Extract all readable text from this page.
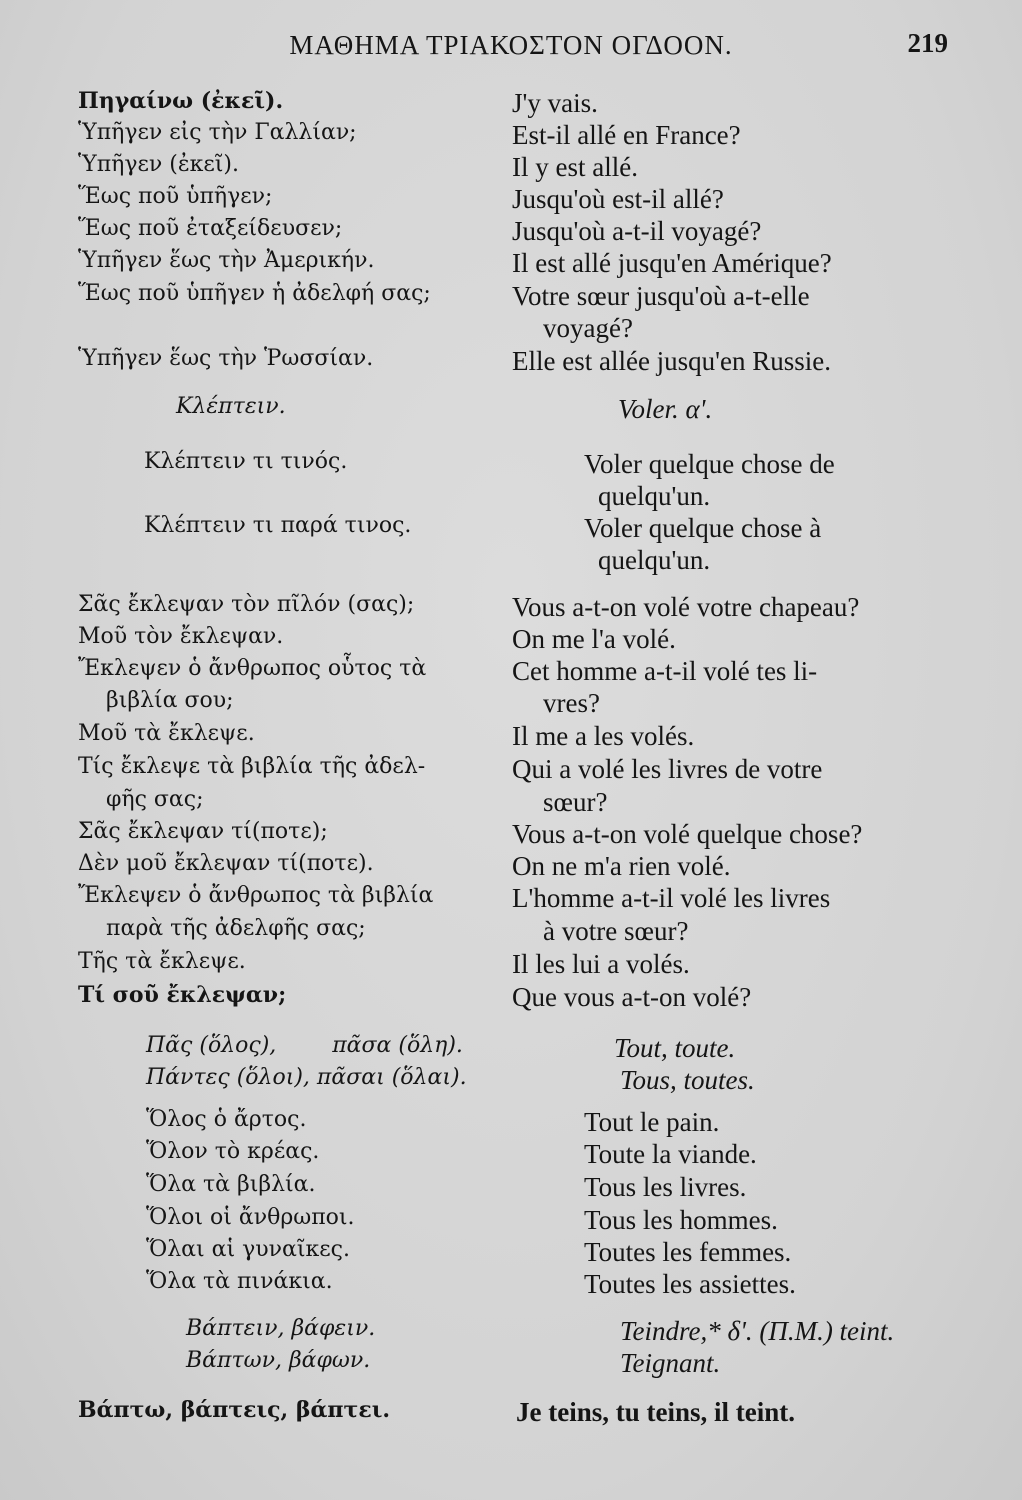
ΜΑΘΗΜΑ ΤΡΙΑΚΟΣΤΟΝ ΟΓΔΟΟΝ.	219
Πηγαίνω (ἐκεῖ).	J'y vais.
Ὑπῆγεν εἰς τὴν Γαλλίαν;	Est-il allé en France?
Ὑπῆγεν (ἐκεῖ).	Il y est allé.
Ἕως ποῦ ὑπῆγεν;	Jusqu'où est-il allé?
Ἕως ποῦ ἐταξείδευσεν;	Jusqu'où a-t-il voyagé?
Ὑπῆγεν ἕως τὴν Ἀμερικήν.	Il est allé jusqu'en Amérique?
Ἕως ποῦ ὑπῆγεν ἡ ἀδελφή σας;	Votre sœur jusqu'où a-t-elle
voyagé?
Ὑπῆγεν ἕως τὴν Ῥωσσίαν.	Elle est allée jusqu'en Russie.
Κλέπτειν.	Voler. α'.
Κλέπτειν τι τινός.	Voler quelque chose de
quelqu'un.
Κλέπτειν τι παρά τινος.	Voler quelque chose à
quelqu'un.
Σᾶς ἔκλεψαν τὸν πῖλόν (σας);	Vous a-t-on volé votre chapeau?
Μοῦ τὸν ἔκλεψαν.	On me l'a volé.
Ἔκλεψεν ὁ ἄνθρωπος οὗτος τὰ	Cet homme a-t-il volé tes li-
βιβλία σου;	vres?
Μοῦ τὰ ἔκλεψε.	Il me a les volés.
Τίς ἔκλεψε τὰ βιβλία τῆς ἀδελ-	Qui a volé les livres de votre
φῆς σας;	sœur?
Σᾶς ἔκλεψαν τί(ποτε);	Vous a-t-on volé quelque chose?
Δὲν μοῦ ἔκλεψαν τί(ποτε).	On ne m'a rien volé.
Ἔκλεψεν ὁ ἄνθρωπος τὰ βιβλία	L'homme a-t-il volé les livres
παρὰ τῆς ἀδελφῆς σας;	à votre sœur?
Τῆς τὰ ἔκλεψε.	Il les lui a volés.
Τί σοῦ ἔκλεψαν;	Que vous a-t-on volé?
Πᾶς (ὅλος),        πᾶσα (ὅλη).	Tout, toute.
Πάντες (ὅλοι), πᾶσαι (ὅλαι).	Tous, toutes.
Ὅλος ὁ ἄρτος.	Tout le pain.
Ὅλον τὸ κρέας.	Toute la viande.
Ὅλα τὰ βιβλία.	Tous les livres.
Ὅλοι οἱ ἄνθρωποι.	Tous les hommes.
Ὅλαι αἱ γυναῖκες.	Toutes les femmes.
Ὅλα τὰ πινάκια.	Toutes les assiettes.
Βάπτειν, βάφειν.	Teindre,* δ'. (Π.Μ.) teint.
Βάπτων, βάφων.	Teignant.
Βάπτω, βάπτεις, βάπτει.	Je teins, tu teins, il teint.
